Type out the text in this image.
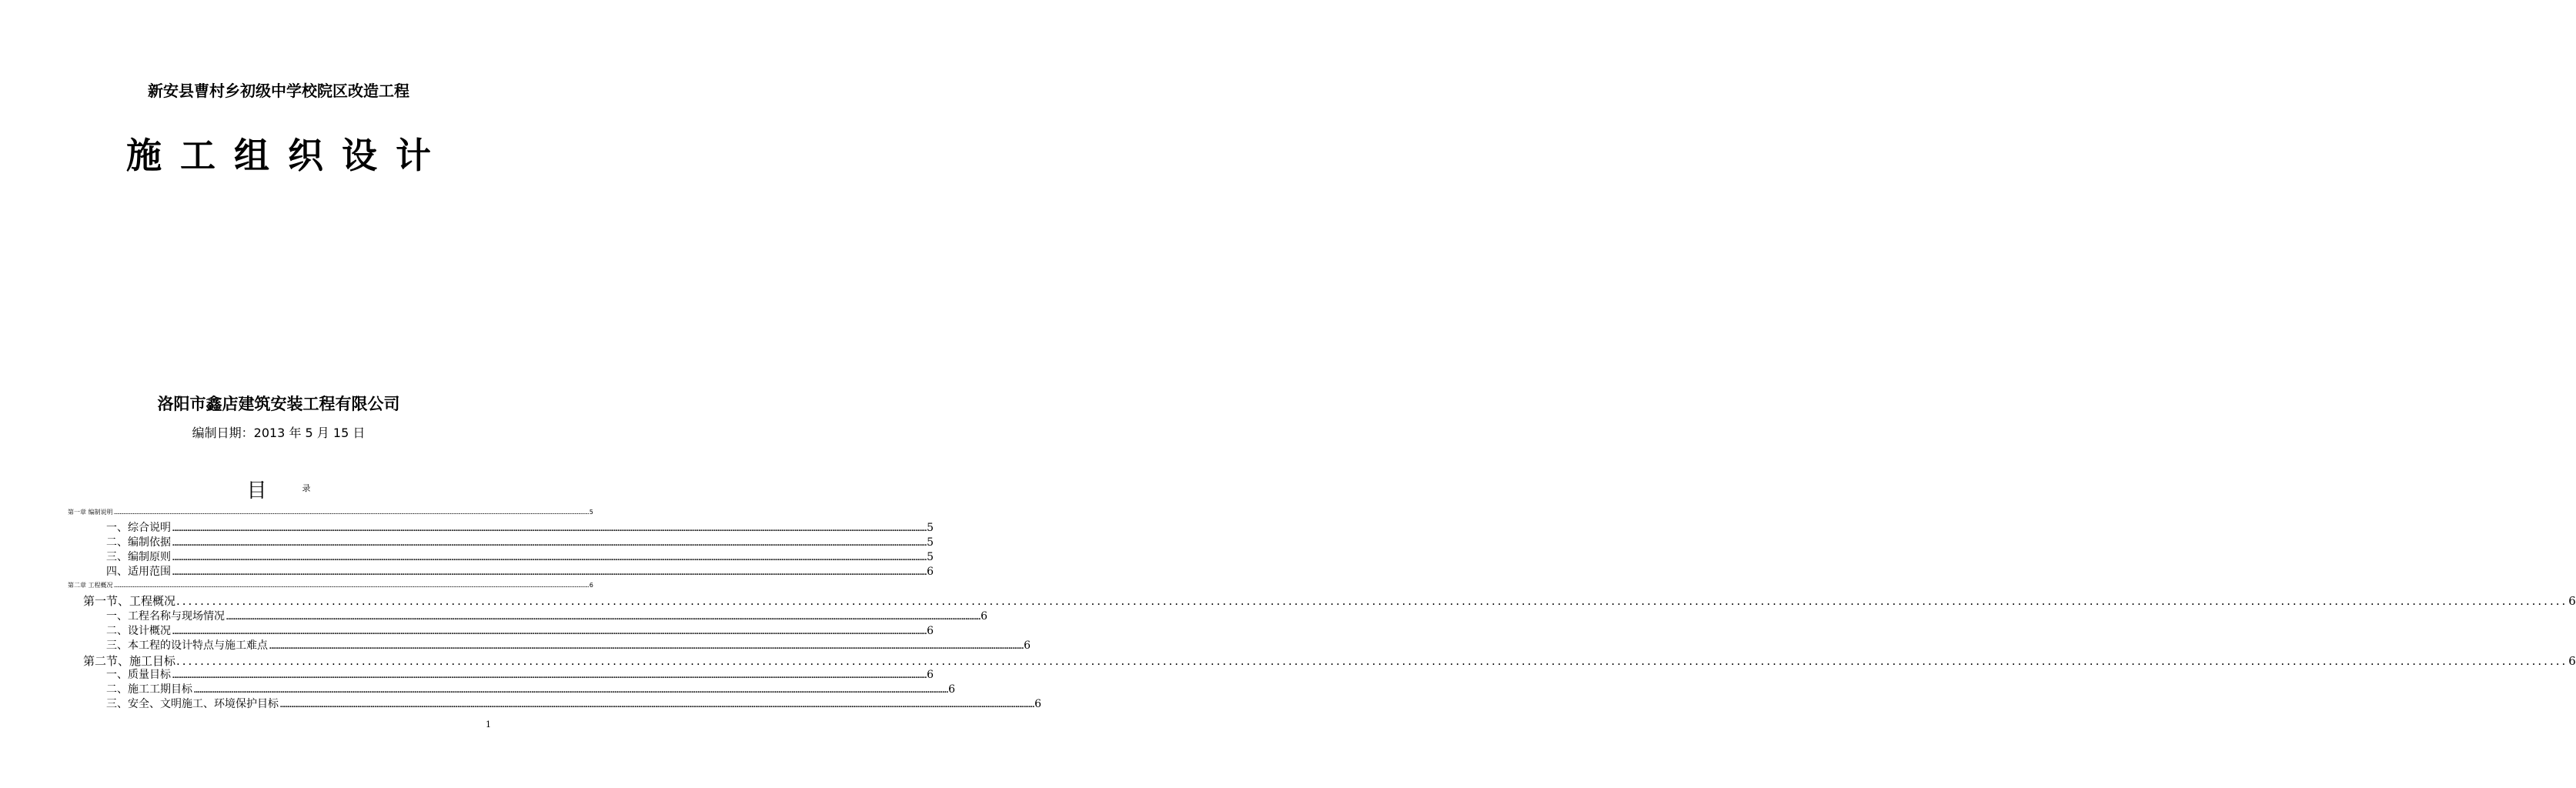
新安县曹村乡初级中学校院区改造工程
施工组织设计
洛阳市鑫店建筑安装工程有限公司
编制日期：2013 年 5 月 15 日
目	$^录$
第一章 编制说明 ................................................................................................................................................................................................................................................................................................................................................................................................................ 5
一、综合说明 ................................................................................................................................................................................................................................................................................................................................................................................................................ 5
二、编制依据 ................................................................................................................................................................................................................................................................................................................................................................................................................ 5
三、编制原则 ................................................................................................................................................................................................................................................................................................................................................................................................................ 5
四、适用范围 ................................................................................................................................................................................................................................................................................................................................................................................................................ 6
第二章 工程概况 ................................................................................................................................................................................................................................................................................................................................................................................................................ 6
第一节、工程概况 ................................................................................................................................................................................................................................................................................................................................................................................................................ 6
一、工程名称与现场情况 ................................................................................................................................................................................................................................................................................................................................................................................................................ 6
二、设计概况 ................................................................................................................................................................................................................................................................................................................................................................................................................ 6
三、本工程的设计特点与施工难点 ................................................................................................................................................................................................................................................................................................................................................................................................................ 6
第二节、施工目标 ................................................................................................................................................................................................................................................................................................................................................................................................................ 6
一、质量目标 ................................................................................................................................................................................................................................................................................................................................................................................................................ 6
二、施工工期目标 ................................................................................................................................................................................................................................................................................................................................................................................................................ 6
三、安全、文明施工、环境保护目标 ................................................................................................................................................................................................................................................................................................................................................................................................................ 6
1
